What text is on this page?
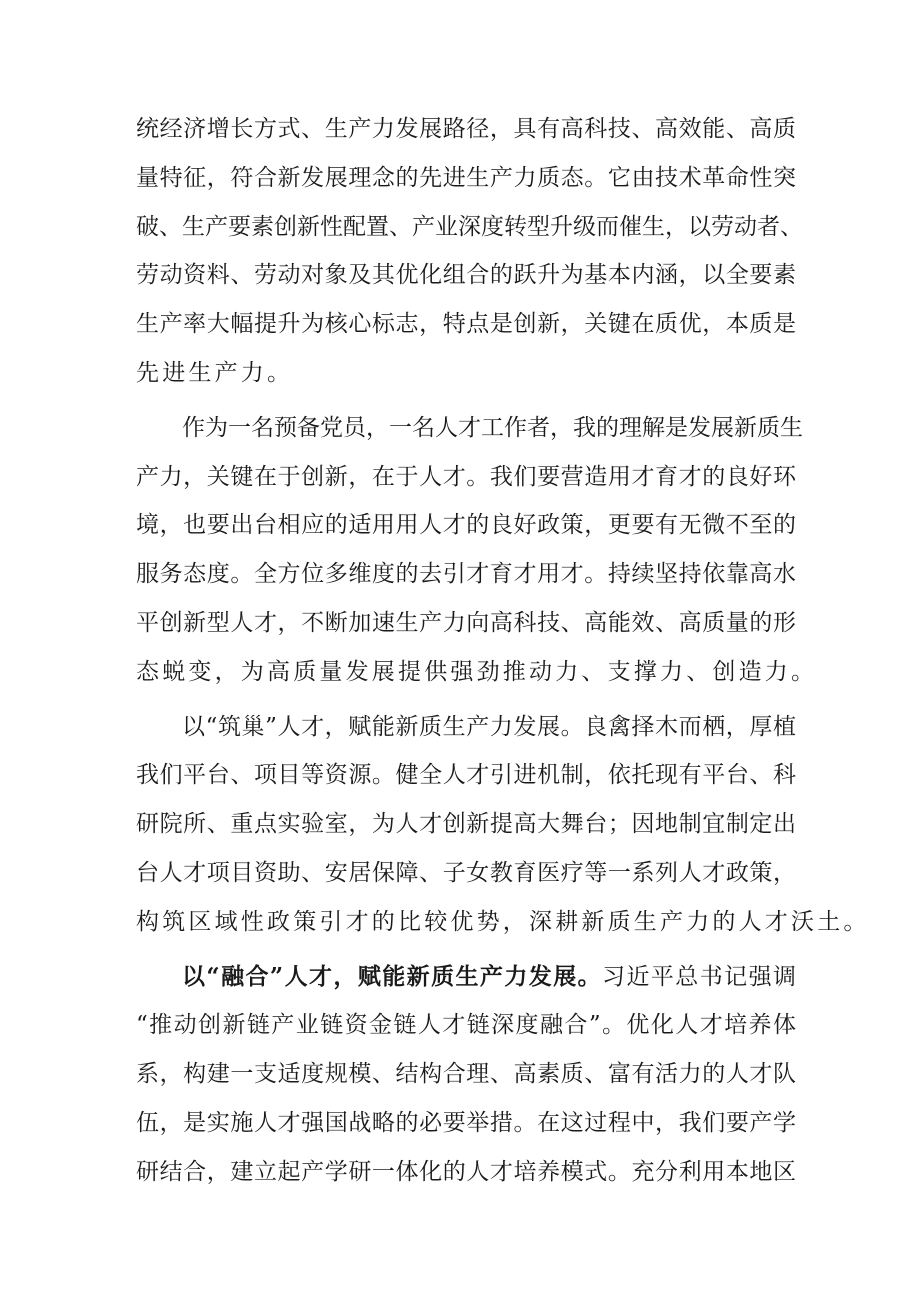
统经济增长方式、生产力发展路径，具有高科技、高效能、高质
量特征，符合新发展理念的先进生产力质态。它由技术革命性突
破、生产要素创新性配置、产业深度转型升级而催生，以劳动者、
劳动资料、劳动对象及其优化组合的跃升为基本内涵，以全要素
生产率大幅提升为核心标志，特点是创新，关键在质优，本质是
先进生产力。
作为一名预备党员，一名人才工作者，我的理解是发展新质生
产力，关键在于创新，在于人才。我们要营造用才育才的良好环
境，也要出台相应的适用用人才的良好政策，更要有无微不至的
服务态度。全方位多维度的去引才育才用才。持续坚持依靠高水
平创新型人才，不断加速生产力向高科技、高能效、高质量的形
态蜕变，为高质量发展提供强劲推动力、支撑力、创造力。
以“筑巢”人才，赋能新质生产力发展。良禽择木而栖，厚植
我们平台、项目等资源。健全人才引进机制，依托现有平台、科
研院所、重点实验室，为人才创新提高大舞台；因地制宜制定出
台人才项目资助、安居保障、子女教育医疗等一系列人才政策，
构筑区域性政策引才的比较优势，深耕新质生产力的人才沃土。
以“融合”人才，赋能新质生产力发展。习近平总书记强调
“推动创新链产业链资金链人才链深度融合”。优化人才培养体
系，构建一支适度规模、结构合理、高素质、富有活力的人才队
伍，是实施人才强国战略的必要举措。在这过程中，我们要产学
研结合，建立起产学研一体化的人才培养模式。充分利用本地区
